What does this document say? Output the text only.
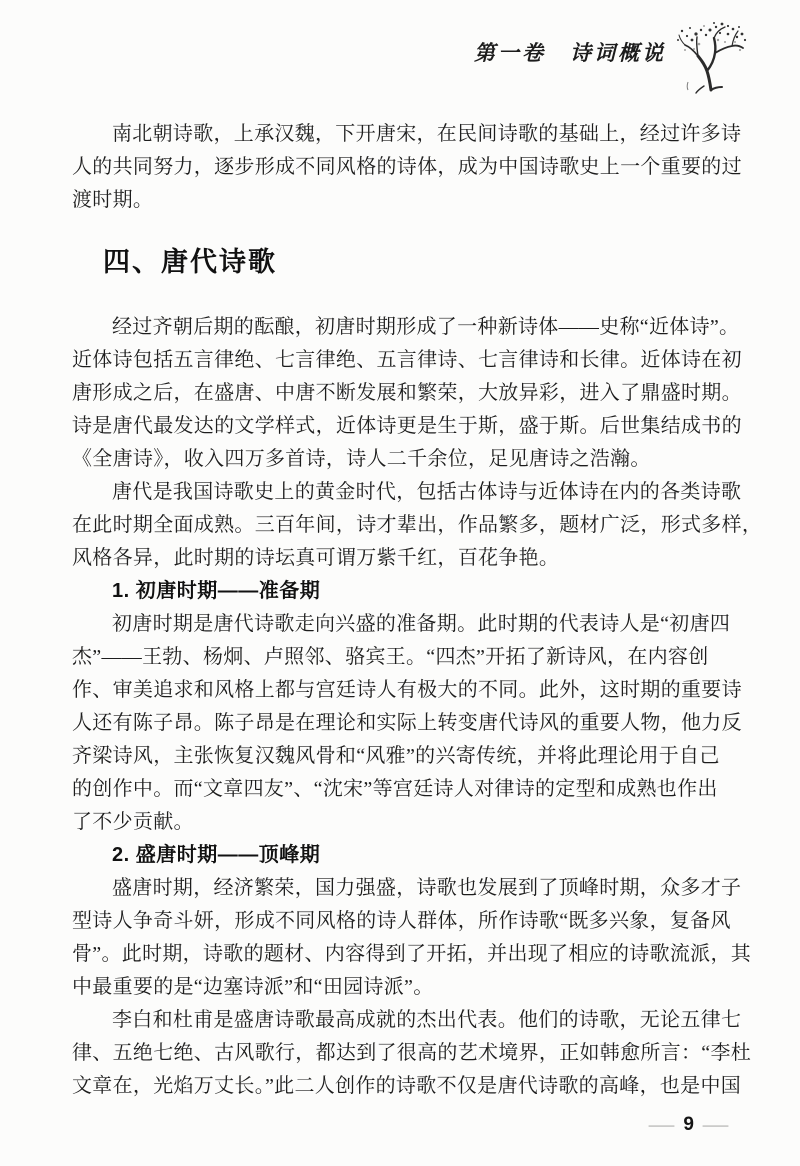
第一卷　诗词概说
南北朝诗歌，上承汉魏，下开唐宋，在民间诗歌的基础上，经过许多诗
人的共同努力，逐步形成不同风格的诗体，成为中国诗歌史上一个重要的过
渡时期。
四、唐代诗歌
经过齐朝后期的酝酿，初唐时期形成了一种新诗体——史称“近体诗”。
近体诗包括五言律绝、七言律绝、五言律诗、七言律诗和长律。近体诗在初
唐形成之后，在盛唐、中唐不断发展和繁荣，大放异彩，进入了鼎盛时期。
诗是唐代最发达的文学样式，近体诗更是生于斯，盛于斯。后世集结成书的
《全唐诗》，收入四万多首诗，诗人二千余位，足见唐诗之浩瀚。
唐代是我国诗歌史上的黄金时代，包括古体诗与近体诗在内的各类诗歌
在此时期全面成熟。三百年间，诗才辈出，作品繁多，题材广泛，形式多样，
风格各异，此时期的诗坛真可谓万紫千红，百花争艳。
1. 初唐时期——准备期
初唐时期是唐代诗歌走向兴盛的准备期。此时期的代表诗人是“初唐四
杰”——王勃、杨炯、卢照邻、骆宾王。“四杰”开拓了新诗风，在内容创
作、审美追求和风格上都与宫廷诗人有极大的不同。此外，这时期的重要诗
人还有陈子昂。陈子昂是在理论和实际上转变唐代诗风的重要人物，他力反
齐梁诗风，主张恢复汉魏风骨和“风雅”的兴寄传统，并将此理论用于自己
的创作中。而“文章四友”、“沈宋”等宫廷诗人对律诗的定型和成熟也作出
了不少贡献。
2. 盛唐时期——顶峰期
盛唐时期，经济繁荣，国力强盛，诗歌也发展到了顶峰时期，众多才子
型诗人争奇斗妍，形成不同风格的诗人群体，所作诗歌“既多兴象，复备风
骨”。此时期，诗歌的题材、内容得到了开拓，并出现了相应的诗歌流派，其
中最重要的是“边塞诗派”和“田园诗派”。
李白和杜甫是盛唐诗歌最高成就的杰出代表。他们的诗歌，无论五律七
律、五绝七绝、古风歌行，都达到了很高的艺术境界，正如韩愈所言：“李杜
文章在，光焰万丈长。”此二人创作的诗歌不仅是唐代诗歌的高峰，也是中国
— 9 —
